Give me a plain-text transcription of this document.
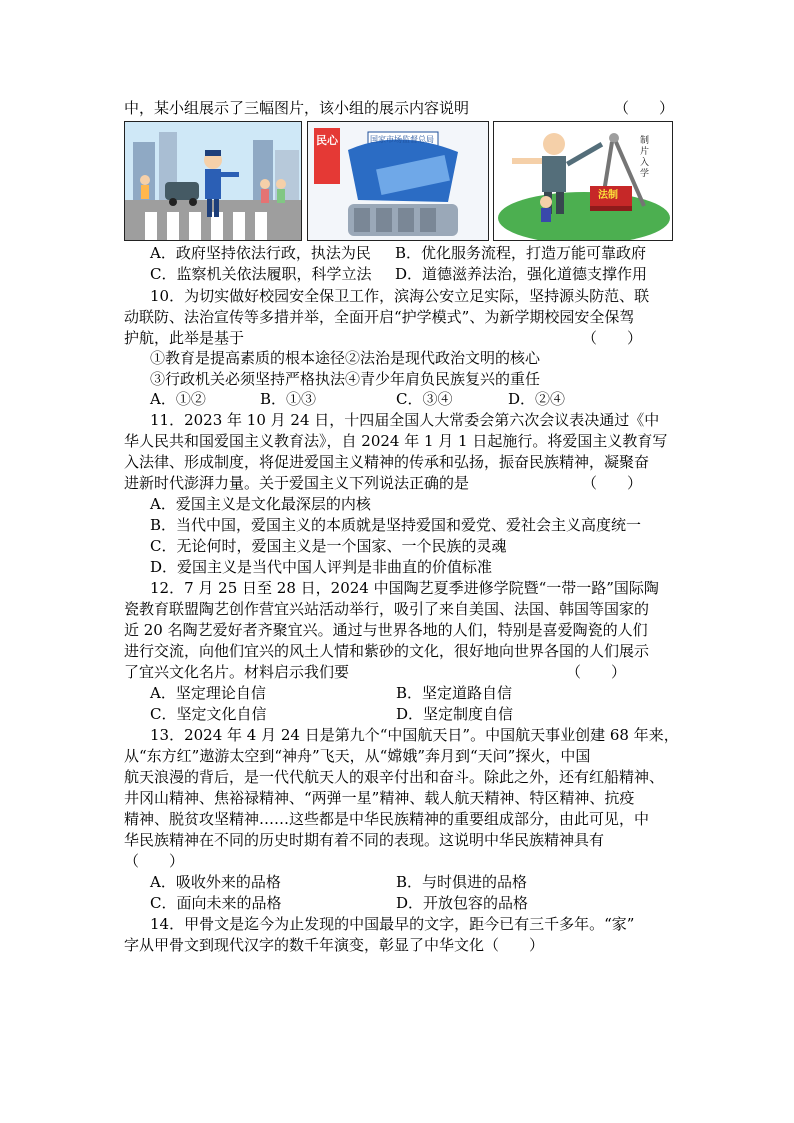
中，某小组展示了三幅图片，该小组的展示内容说明	（　　）
国家市场监督总局
民心	制片入学
法制
A．政府坚持依法行政，执法为民 B．优化服务流程，打造万能可靠政府
C．监察机关依法履职，科学立法 D．道德滋养法治，强化道德支撑作用
10．为切实做好校园安全保卫工作，滨海公安立足实际，坚持源头防范、联
动联防、法治宣传等多措并举，全面开启“护学模式”、为新学期校园安全保驾
护航，此举是基于	（　　）
①教育是提高素质的根本途径②法治是现代政治文明的核心
③行政机关必须坚持严格执法④青少年肩负民族复兴的重任
A．①②	B．①③	C．③④	D．②④
11．2023 年 10 月 24 日，十四届全国人大常委会第六次会议表决通过《中
华人民共和国爱国主义教育法》，自 2024 年 1 月 1 日起施行。将爱国主义教育写
入法律、形成制度，将促进爱国主义精神的传承和弘扬，振奋民族精神，凝聚奋
进新时代澎湃力量。关于爱国主义下列说法正确的是	（　　）
A．爱国主义是文化最深层的内核
B．当代中国，爱国主义的本质就是坚持爱国和爱党、爱社会主义高度统一
C．无论何时，爱国主义是一个国家、一个民族的灵魂
D．爱国主义是当代中国人评判是非曲直的价值标准
12．7 月 25 日至 28 日，2024 中国陶艺夏季进修学院暨“一带一路”国际陶
瓷教育联盟陶艺创作营宜兴站活动举行，吸引了来自美国、法国、韩国等国家的
近 20 名陶艺爱好者齐聚宜兴。通过与世界各地的人们，特别是喜爱陶瓷的人们
进行交流，向他们宜兴的风土人情和紫砂的文化，很好地向世界各国的人们展示
了宜兴文化名片。材料启示我们要	（　　）
A．坚定理论自信	B．坚定道路自信
C．坚定文化自信	D．坚定制度自信
13．2024 年 4 月 24 日是第九个“中国航天日”。中国航天事业创建 68 年来，
从“东方红”遨游太空到“神舟”飞天，从“嫦娥”奔月到“天问”探火，中国
航天浪漫的背后，是一代代航天人的艰辛付出和奋斗。除此之外，还有红船精神、
井冈山精神、焦裕禄精神、“两弹一星”精神、载人航天精神、特区精神、抗疫
精神、脱贫攻坚精神……这些都是中华民族精神的重要组成部分，由此可见，中
华民族精神在不同的历史时期有着不同的表现。这说明中华民族精神具有
（　　）
A．吸收外来的品格	B．与时俱进的品格
C．面向未来的品格	D．开放包容的品格
14．甲骨文是迄今为止发现的中国最早的文字，距今已有三千多年。“家”
字从甲骨文到现代汉字的数千年演变，彰显了中华文化（　　）
